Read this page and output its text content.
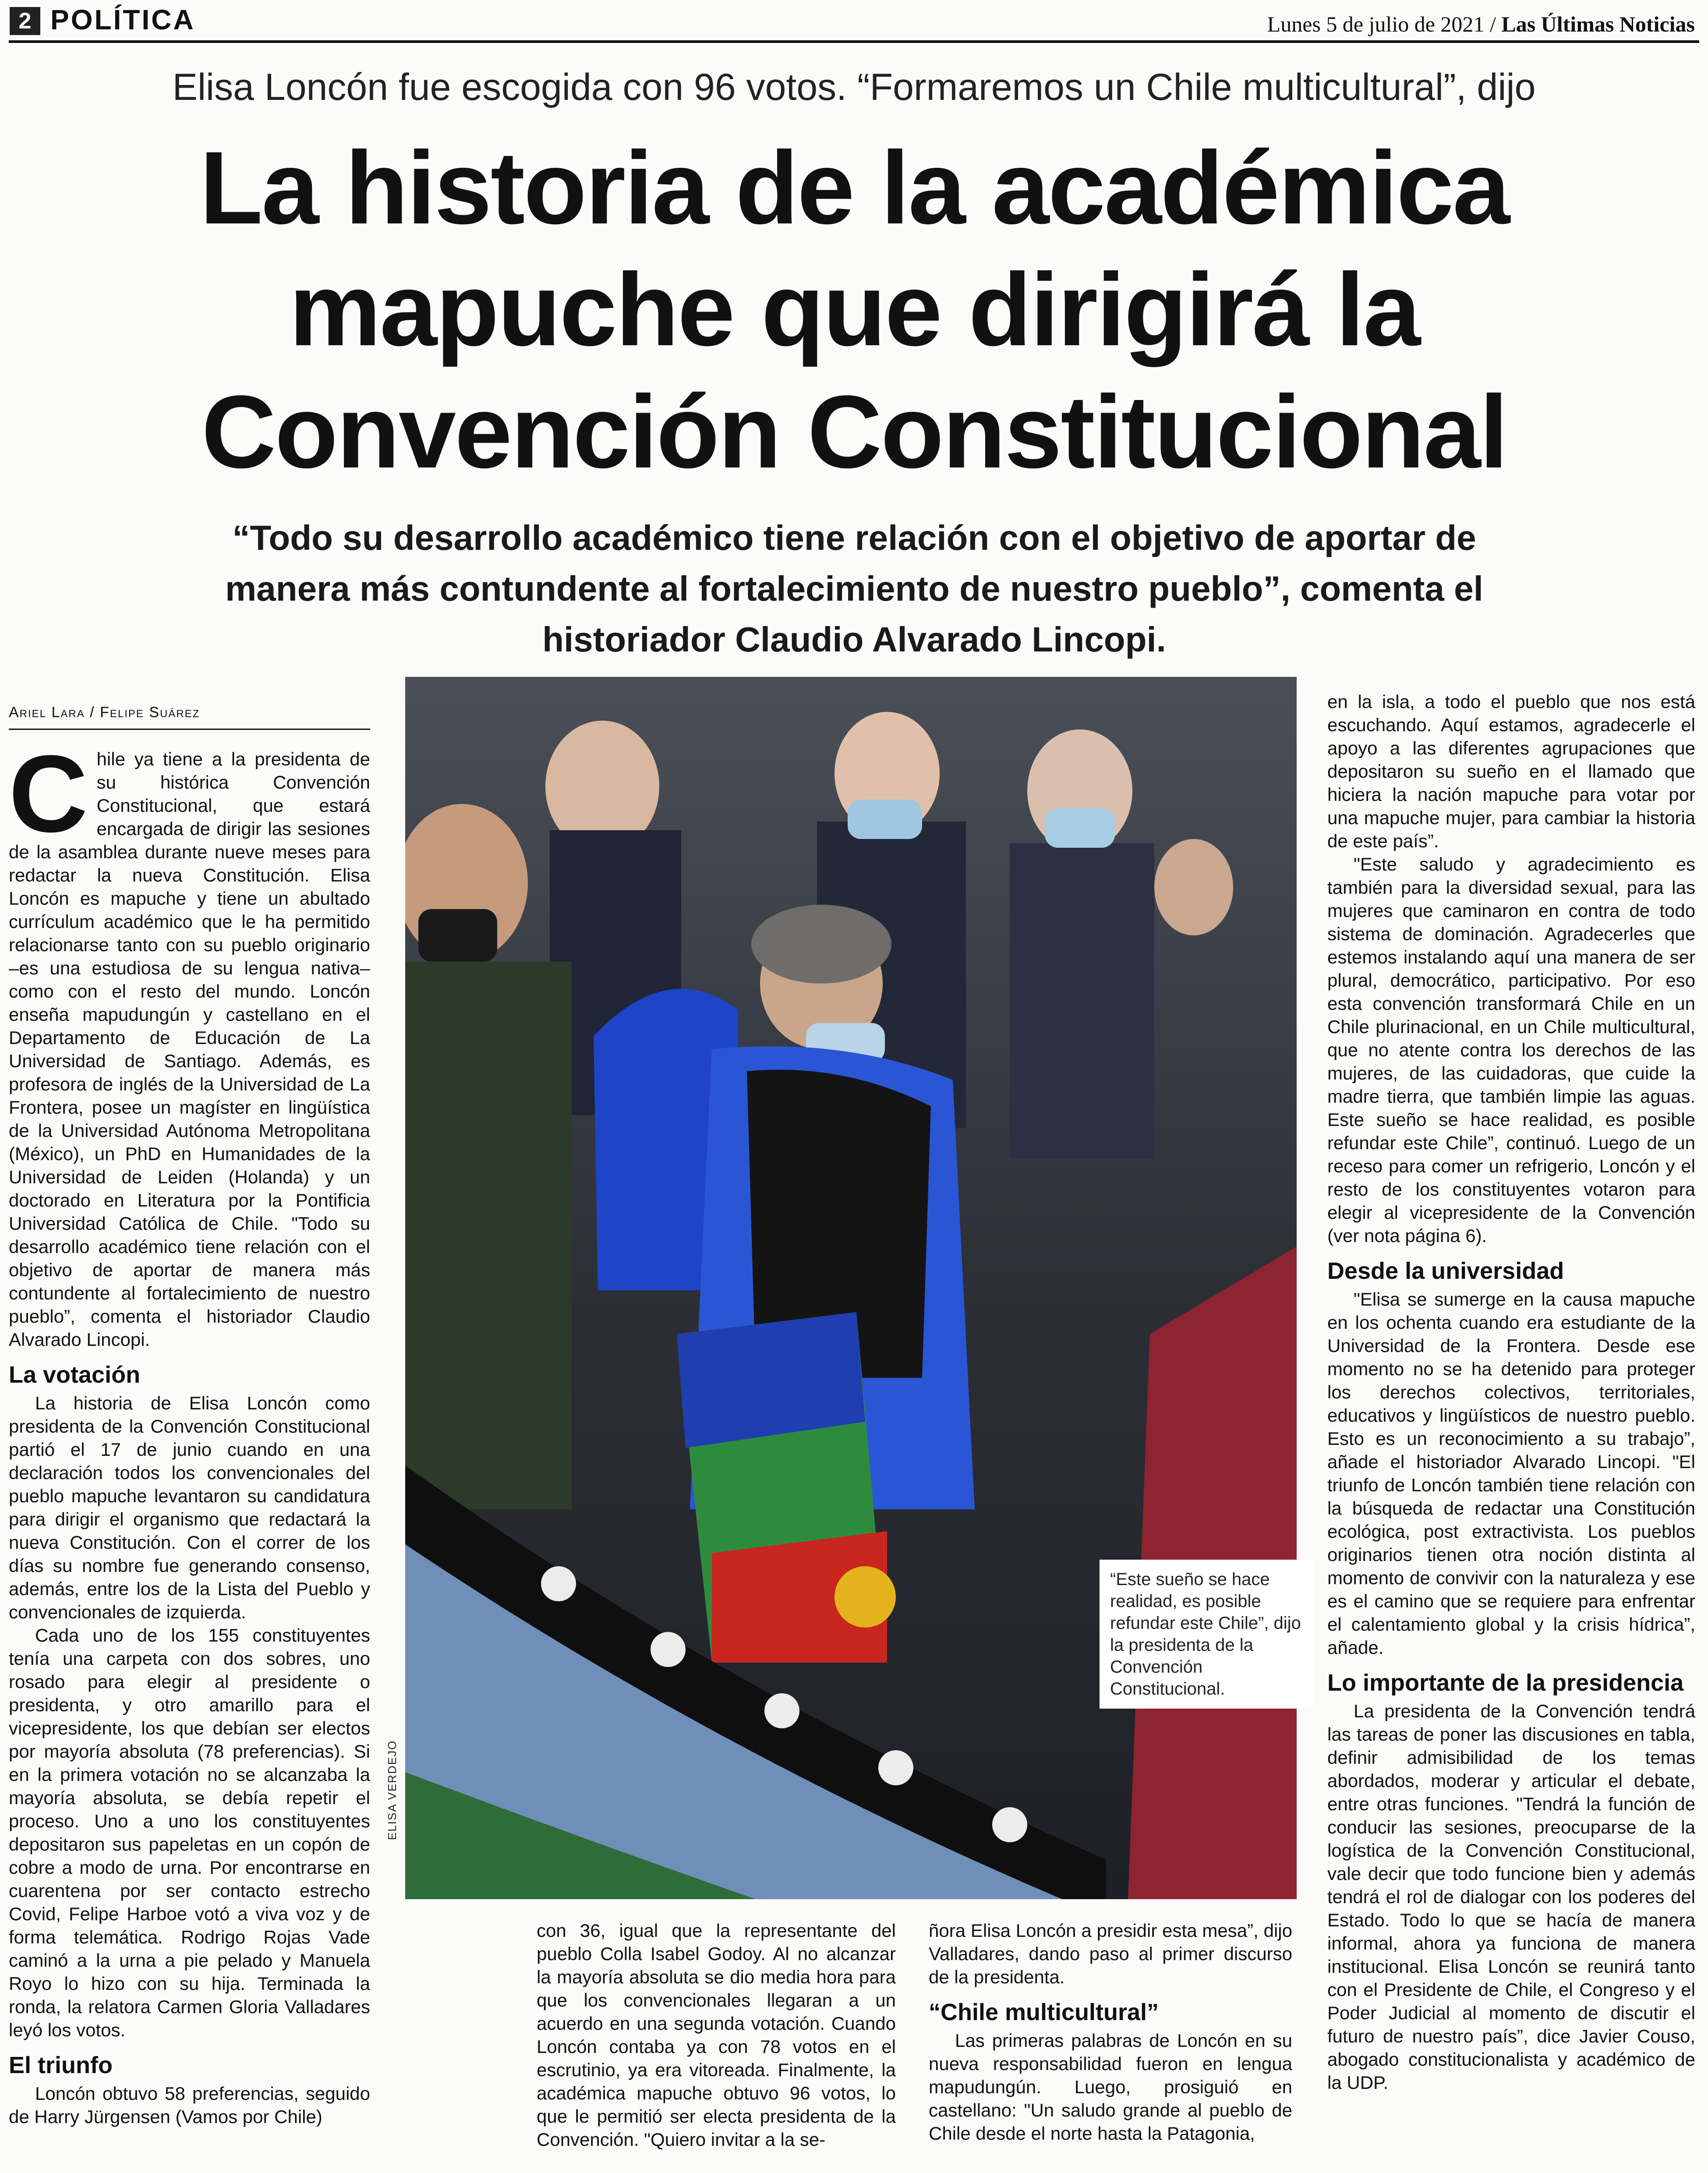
2 POLÍTICA	Lunes 5 de julio de 2021 / Las Últimas Noticias
Elisa Loncón fue escogida con 96 votos. “Formaremos un Chile multicultural”, dijo
La historia de la académica
mapuche que dirigirá la
Convención Constitucional
“Todo su desarrollo académico tiene relación con el objetivo de aportar de manera más contundente al fortalecimiento de nuestro pueblo”, comenta el historiador Claudio Alvarado Lincopi.
Ariel Lara / Felipe Suárez

Chile ya tiene a la presidenta de su histórica Convención Constitucional, que estará encargada de dirigir las sesiones de la asamblea durante nueve meses para redactar la nueva Constitución. Elisa Loncón es mapuche y tiene un abultado currículum académico que le ha permitido relacionarse tanto con su pueblo originario –es una estudiosa de su lengua nativa– como con el resto del mundo. Loncón enseña mapudungún y castellano en el Departamento de Educación de La Universidad de Santiago. Además, es profesora de inglés de la Universidad de La Frontera, posee un magíster en lingüística de la Universidad Autónoma Metropolitana (México), un PhD en Humanidades de la Universidad de Leiden (Holanda) y un doctorado en Literatura por la Pontificia Universidad Católica de Chile. "Todo su desarrollo académico tiene relación con el objetivo de aportar de manera más contundente al fortalecimiento de nuestro pueblo”, comenta el historiador Claudio Alvarado Lincopi.

La votación

La historia de Elisa Loncón como presidenta de la Convención Constitucional partió el 17 de junio cuando en una declaración todos los convencionales del pueblo mapuche levantaron su candidatura para dirigir el organismo que redactará la nueva Constitución. Con el correr de los días su nombre fue generando consenso, además, entre los de la Lista del Pueblo y convencionales de izquierda.

Cada uno de los 155 constituyentes tenía una carpeta con dos sobres, uno rosado para elegir al presidente o presidenta, y otro amarillo para el vicepresidente, los que debían ser electos por mayoría absoluta (78 preferencias). Si en la primera votación no se alcanzaba la mayoría absoluta, se debía repetir el proceso. Uno a uno los constituyentes depositaron sus papeletas en un copón de cobre a modo de urna. Por encontrarse en cuarentena por ser contacto estrecho Covid, Felipe Harboe votó a viva voz y de forma telemática. Rodrigo Rojas Vade caminó a la urna a pie pelado y Manuela Royo lo hizo con su hija. Terminada la ronda, la relatora Carmen Gloria Valladares leyó los votos.

El triunfo

Loncón obtuvo 58 preferencias, seguido de Harry Jürgensen (Vamos por Chile)

ELISA VERDEJO
“Este sueño se hace realidad, es posible refundar este Chile”, dijo la presidenta de la Convención Constitucional.

en la isla, a todo el pueblo que nos está escuchando. Aquí estamos, agradecerle el apoyo a las diferentes agrupaciones que depositaron su sueño en el llamado que hiciera la nación mapuche para votar por una mapuche mujer, para cambiar la historia de este país”.

"Este saludo y agradecimiento es también para la diversidad sexual, para las mujeres que caminaron en contra de todo sistema de dominación. Agradecerles que estemos instalando aquí una manera de ser plural, democrático, participativo. Por eso esta convención transformará Chile en un Chile plurinacional, en un Chile multicultural, que no atente contra los derechos de las mujeres, de las cuidadoras, que cuide la madre tierra, que también limpie las aguas. Este sueño se hace realidad, es posible refundar este Chile”, continuó. Luego de un receso para comer un refrigerio, Loncón y el resto de los constituyentes votaron para elegir al vicepresidente de la Convención (ver nota página 6).

Desde la universidad

"Elisa se sumerge en la causa mapuche en los ochenta cuando era estudiante de la Universidad de la Frontera. Desde ese momento no se ha detenido para proteger los derechos colectivos, territoriales, educativos y lingüísticos de nuestro pueblo. Esto es un reconocimiento a su trabajo”, añade el historiador Alvarado Lincopi. "El triunfo de Loncón también tiene relación con la búsqueda de redactar una Constitución ecológica, post extractivista. Los pueblos originarios tienen otra noción distinta al momento de convivir con la naturaleza y ese es el camino que se requiere para enfrentar el calentamiento global y la crisis hídrica”, añade.

Lo importante de la presidencia

La presidenta de la Convención tendrá las tareas de poner las discusiones en tabla, definir admisibilidad de los temas abordados, moderar y articular el debate, entre otras funciones. "Tendrá la función de conducir las sesiones, preocuparse de la logística de la Convención Constitucional, vale decir que todo funcione bien y además tendrá el rol de dialogar con los poderes del Estado. Todo lo que se hacía de manera informal, ahora ya funciona de manera institucional. Elisa Loncón se reunirá tanto con el Presidente de Chile, el Congreso y el Poder Judicial al momento de discutir el futuro de nuestro país”, dice Javier Couso, abogado constitucionalista y académico de la UDP.

con 36, igual que la representante del pueblo Colla Isabel Godoy. Al no alcanzar la mayoría absoluta se dio media hora para que los convencionales llegaran a un acuerdo en una segunda votación. Cuando Loncón contaba ya con 78 votos en el escrutinio, ya era vitoreada. Finalmente, la académica mapuche obtuvo 96 votos, lo que le permitió ser electa presidenta de la Convención. "Quiero invitar a la se-

ñora Elisa Loncón a presidir esta mesa”, dijo Valladares, dando paso al primer discurso de la presidenta.

“Chile multicultural”

Las primeras palabras de Loncón en su nueva responsabilidad fueron en lengua mapudungún. Luego, prosiguió en castellano: "Un saludo grande al pueblo de Chile desde el norte hasta la Patagonia,
